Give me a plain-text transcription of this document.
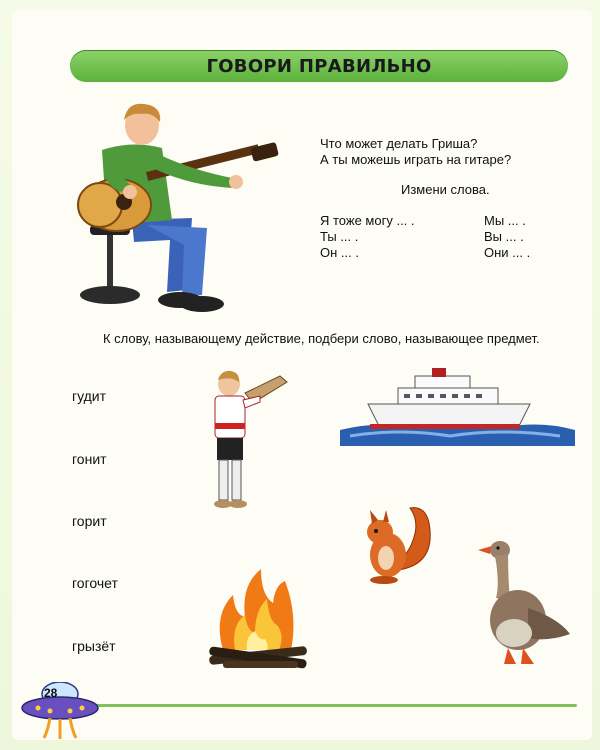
ГОВОРИ ПРАВИЛЬНО
Что может делать Гриша?
А ты можешь играть на гитаре?
Измени слова.
Я тоже могу ... .
Ты ... .
Он ... .
Мы ... .
Вы ... .
Они ... .
К слову, называющему действие, подбери слово, называющее предмет.
гудит
гонит
горит
гогочет
грызёт
28
